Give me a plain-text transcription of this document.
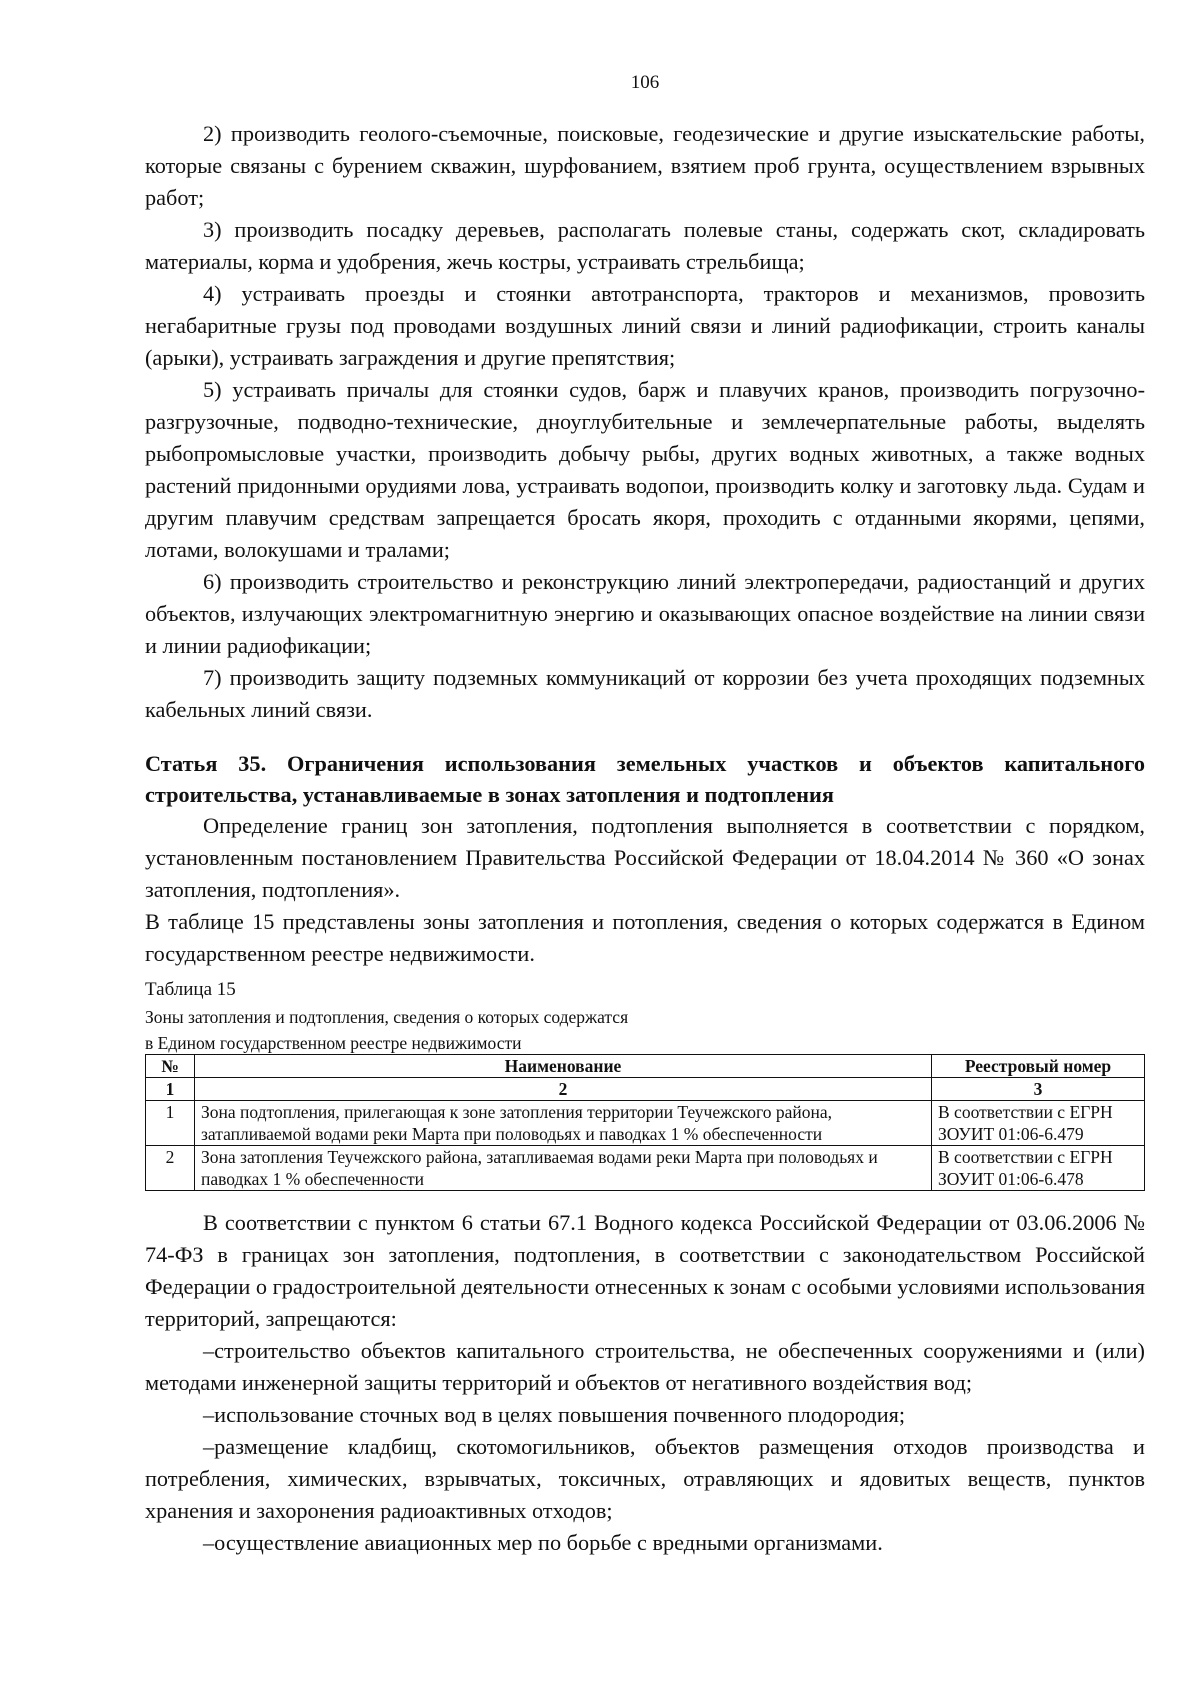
106

2) производить геолого-съемочные, поисковые, геодезические и другие изыскательские работы, которые связаны с бурением скважин, шурфованием, взятием проб грунта, осуществлением взрывных работ;

3) производить посадку деревьев, располагать полевые станы, содержать скот, складировать материалы, корма и удобрения, жечь костры, устраивать стрельбища;

4) устраивать проезды и стоянки автотранспорта, тракторов и механизмов, провозить негабаритные грузы под проводами воздушных линий связи и линий радиофикации, строить каналы (арыки), устраивать заграждения и другие препятствия;

5) устраивать причалы для стоянки судов, барж и плавучих кранов, производить погрузочно-разгрузочные, подводно-технические, дноуглубительные и землечерпательные работы, выделять рыбопромысловые участки, производить добычу рыбы, других водных животных, а также водных растений придонными орудиями лова, устраивать водопои, производить колку и заготовку льда. Судам и другим плавучим средствам запрещается бросать якоря, проходить с отданными якорями, цепями, лотами, волокушами и тралами;

6) производить строительство и реконструкцию линий электропередачи, радиостанций и других объектов, излучающих электромагнитную энергию и оказывающих опасное воздействие на линии связи и линии радиофикации;

7) производить защиту подземных коммуникаций от коррозии без учета проходящих подземных кабельных линий связи.

Статья 35. Ограничения использования земельных участков и объектов капитального строительства, устанавливаемые в зонах затопления и подтопления

Определение границ зон затопления, подтопления выполняется в соответствии с порядком, установленным постановлением Правительства Российской Федерации от 18.04.2014 № 360 «О зонах затопления, подтопления».

В таблице 15 представлены зоны затопления и потопления, сведения о которых содержатся в Едином государственном реестре недвижимости.

Таблица 15

Зоны затопления и подтопления, сведения о которых содержатся

в Едином государственном реестре недвижимости

№	Наименование	Реестровый номер
1	2	3
1	Зона подтопления, прилегающая к зоне затопления территории Теучежского района, затапливаемой водами реки Марта при половодьях и паводках 1 % обеспеченности	В соответствии с ЕГРН ЗОУИТ 01:06-6.479
2	Зона затопления Теучежского района, затапливаемая водами реки Марта при половодьях и паводках 1 % обеспеченности	В соответствии с ЕГРН ЗОУИТ 01:06-6.478

В соответствии с пунктом 6 статьи 67.1 Водного кодекса Российской Федерации от 03.06.2006 № 74-ФЗ в границах зон затопления, подтопления, в соответствии с законодательством Российской Федерации о градостроительной деятельности отнесенных к зонам с особыми условиями использования территорий, запрещаются:

–строительство объектов капитального строительства, не обеспеченных сооружениями и (или) методами инженерной защиты территорий и объектов от негативного воздействия вод;

–использование сточных вод в целях повышения почвенного плодородия;

–размещение кладбищ, скотомогильников, объектов размещения отходов производства и потребления, химических, взрывчатых, токсичных, отравляющих и ядовитых веществ, пунктов хранения и захоронения радиоактивных отходов;

–осуществление авиационных мер по борьбе с вредными организмами.
